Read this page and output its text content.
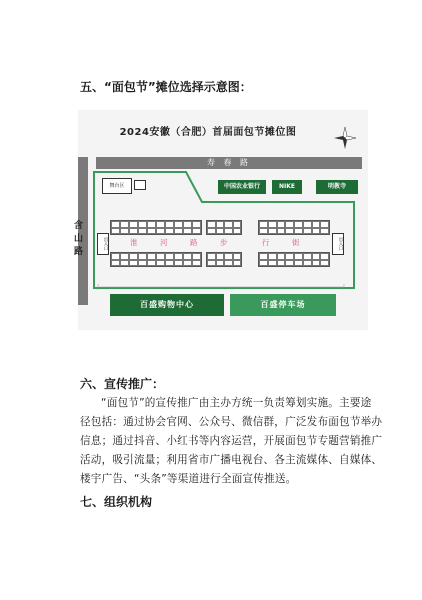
五、“面包节”摊位选择示意图：
2024安徽（合肥）首届面包节摊位图
寿 春 路
含山路
舞台区	中国农业银行	NIKE	明教寺
出入口	出入口
淮	河	路	步	行	街
百盛购物中心	百盛停车场
六、宣传推广：
“面包节”的宣传推广由主办方统一负责筹划实施。主要途
径包括：通过协会官网、公众号、微信群，广泛发布面包节举办
信息；通过抖音、小红书等内容运营，开展面包节专题营销推广
活动，吸引流量；利用省市广播电视台、各主流媒体、自媒体、
楼宇广告、“头条”等渠道进行全面宣传推送。
七、组织机构
